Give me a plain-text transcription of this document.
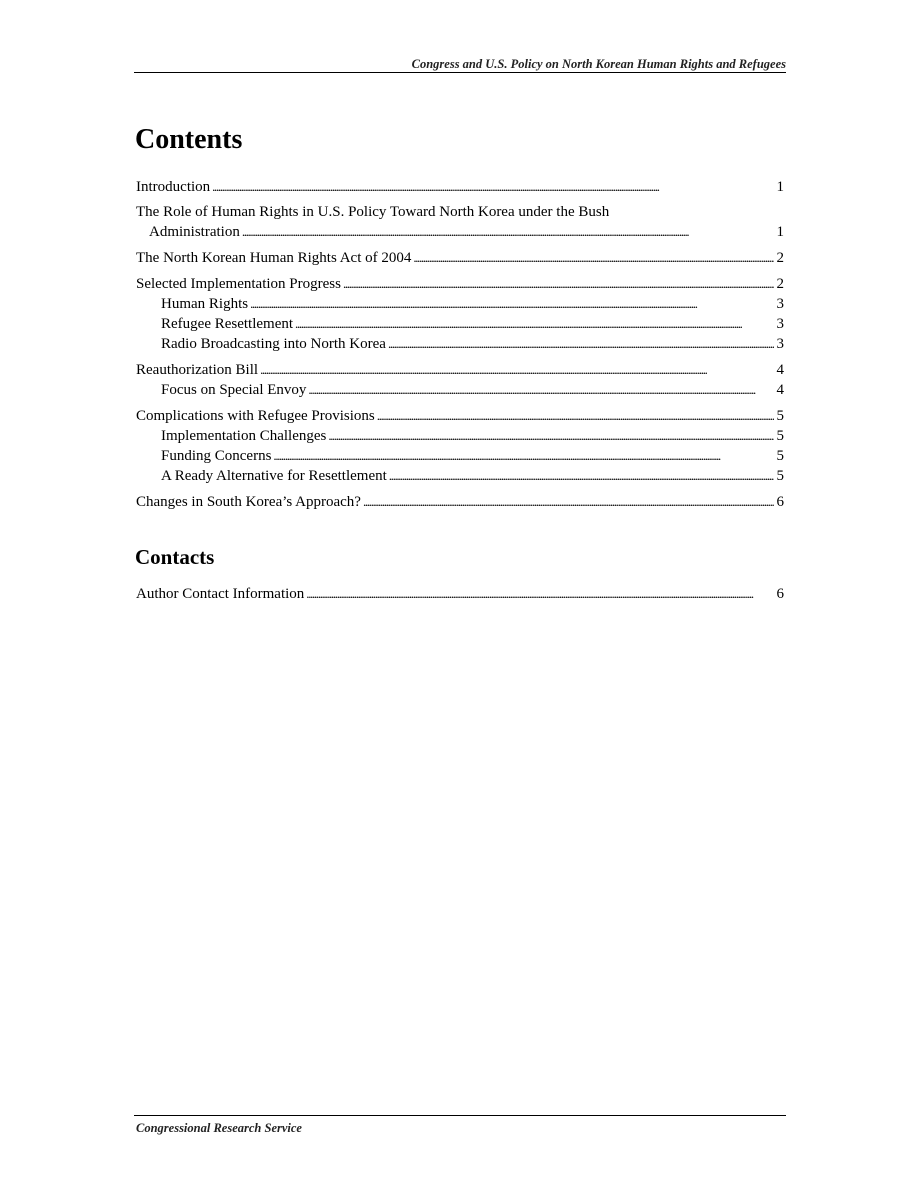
Congress and U.S. Policy on North Korean Human Rights and Refugees
Contents
Introduction . . .	1
The Role of Human Rights in U.S. Policy Toward North Korea under the Bush
Administration . . .	1
The North Korean Human Rights Act of 2004 . . .	2
Selected Implementation Progress . . .	2
Human Rights . . .	3
Refugee Resettlement . . .	3
Radio Broadcasting into North Korea . . .	3
Reauthorization Bill . . .	4
Focus on Special Envoy . . .	4
Complications with Refugee Provisions . . .	5
Implementation Challenges . . .	5
Funding Concerns . . .	5
A Ready Alternative for Resettlement . . .	5
Changes in South Korea’s Approach? . . .	6
Contacts
Author Contact Information . . .	6
Congressional Research Service
